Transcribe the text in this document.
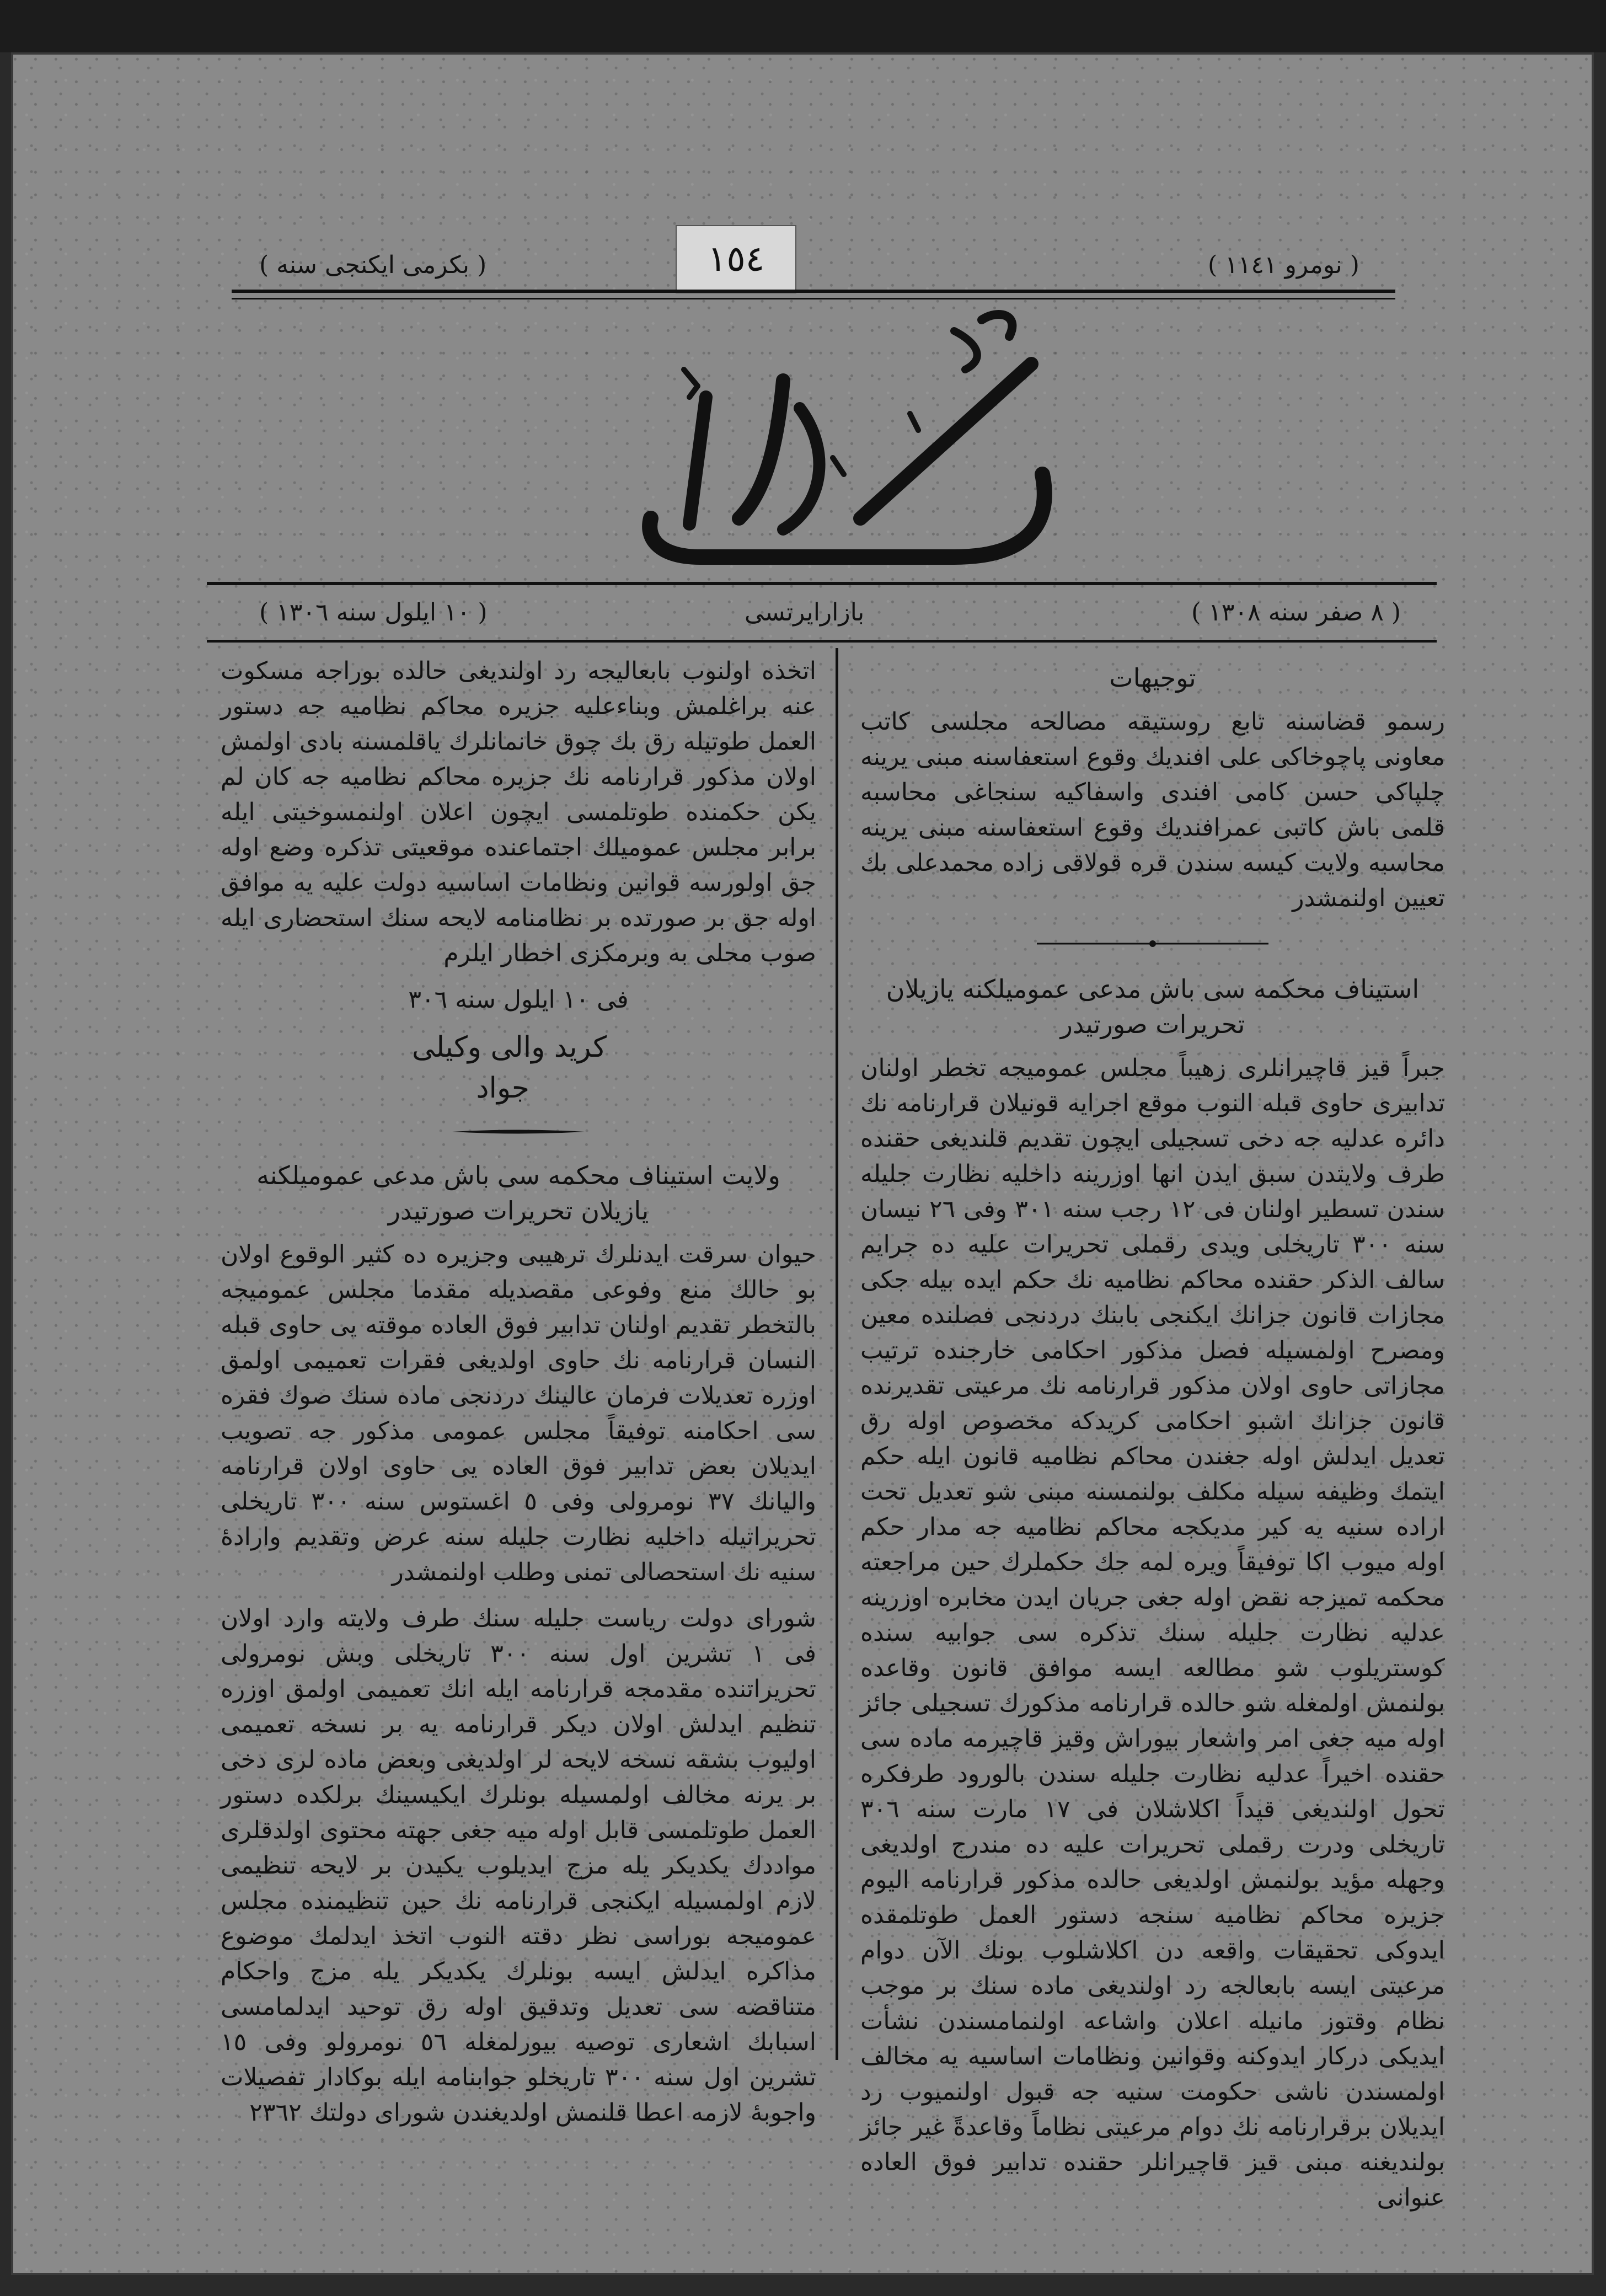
( نومرو ١١٤١ )
( بكرمى ايكنجى سنه )	١٥٤
( ٨ صفر سنه ١٣٠٨ )
بازارايرتسى
( ١٠ ايلول سنه ١٣٠٦ )

توجيهات

رسمو قضاسنه تابع روستيقه مصالحه مجلسى كاتب معاونى پاچوخاكى على افنديك وقوع استعفاسنه مبنى يرينه چلپاكى حسن كامى افندى واسفاكيه سنجاغى محاسبه قلمى باش كاتبى عمرافنديك وقوع استعفاسنه مبنى يرينه محاسبه ولايت كيسه سندن قره قولاقى زاده محمدعلى بك تعيين اولنمشدر

استيناف محكمه سى باش مدعى عموميلكنه يازيلان تحريرات صورتيدر

جبراً قيز قاچيرانلرى زهيباً مجلس عموميجه تخطر اولنان تدابيرى حاوى قبله النوب موقع اجرايه قونيلان قرارنامه نك دائره عدليه جه دخى تسجيلى ايچون تقديم قلنديغى حقنده طرف ولايتدن سبق ايدن انها اوزرينه داخليه نظارت جليله سندن تسطير اولنان فى ١٢ رجب سنه ٣٠١ وفى ٢٦ نيسان سنه ٣٠٠ تاريخلى ويدى رقملى تحريرات عليه ده جرايم سالف الذكر حقنده محاكم نظاميه نك حكم ايده بيله جكى مجازات قانون جزانك ايكنجى بابنك دردنجى فصلنده معين ومصرح اولمسيله فصل مذكور احكامى خارجنده ترتيب مجازاتى حاوى اولان مذكور قرارنامه نك مرعيتى تقديرنده قانون جزانك اشبو احكامى كريدكه مخصوص اوله رق تعديل ايدلش اوله جغندن محاكم نظاميه قانون ايله حكم ايتمك وظيفه سيله مكلف بولنمسنه مبنى شو تعديل تحت اراده سنيه يه كير مديكجه محاكم نظاميه جه مدار حكم اوله ميوب اكا توفيقاً ويره لمه جك حكملرك حين مراجعته محكمه تميزجه نقض اوله جغى جريان ايدن مخابره اوزرينه عدليه نظارت جليله سنك تذكره سى جوابيه سنده كوستريلوب شو مطالعه ايسه موافق قانون وقاعده بولنمش اولمغله شو حالده قرارنامه مذكورك تسجيلى جائز اوله ميه جغى امر واشعار بيوراش وقيز قاچيرمه ماده سى حقنده اخيراً عدليه نظارت جليله سندن بالورود طرفكره تحول اولنديغى قيداً اكلاشلان فى ١٧ مارت سنه ٣٠٦ تاريخلى ودرت رقملى تحريرات عليه ده مندرج اولديغى وجهله مؤيد بولنمش اولديغى حالده مذكور قرارنامه اليوم جزيره محاكم نظاميه سنجه دستور العمل طوتلمقده ايدوكى تحقيقات واقعه دن اكلاشلوب بونك الآن دوام مرعيتى ايسه بابعالجه رد اولنديغى ماده سنك بر موجب نظام وقتوز مانيله اعلان واشاعه اولنمامسندن نشأت ايديكى دركار ايدوكنه وقوانين ونظامات اساسيه يه مخالف اولمسندن ناشى حكومت سنيه جه قبول اولنميوب رد ايديلان برقرارنامه نك دوام مرعيتى نظاماً وقاعدةً غير جائز بولنديغنه مبنى قيز قاچيرانلر حقنده تدابير فوق العاده عنوانى

اتخذه اولنوب بابعاليجه رد اولنديغى حالده بوراجه مسكوت عنه براغلمش وبناءعليه جزيره محاكم نظاميه جه دستور العمل طوتيله رق بك چوق خانمانلرك ياقلمسنه بادى اولمش اولان مذكور قرارنامه نك جزيره محاكم نظاميه جه كان لم يكن حكمنده طوتلمسى ايچون اعلان اولنمسوخيتى ايله برابر مجلس عموميلك اجتماعنده موقعيتى تذكره وضع اوله جق اولورسه قوانين ونظامات اساسيه دولت عليه يه موافق اوله جق بر صورتده بر نظامنامه لايحه سنك استحضارى ايله صوب محلى به وبرمكزى اخطار ايلرم

فى ١٠ ايلول سنه ٣٠٦

كريد والى وكيلى

جواد

ولايت استيناف محكمه سى باش مدعى عموميلكنه يازيلان تحريرات صورتيدر

حيوان سرقت ايدنلرك ترهيبى وجزيره ده كثير الوقوع اولان بو حالك منع وفوعى مقصديله مقدما مجلس عموميجه بالتخطر تقديم اولنان تدابير فوق العاده موقته يى حاوى قبله النسان قرارنامه نك حاوى اولديغى فقرات تعميمى اولمق اوزره تعديلات فرمان عالينك دردنجى ماده سنك صوك فقره سى احكامنه توفيقاً مجلس عمومى مذكور جه تصويب ايديلان بعض تدابير فوق العاده يى حاوى اولان قرارنامه واليانك ٣٧ نومرولى وفى ٥ اغستوس سنه ٣٠٠ تاريخلى تحريراتيله داخليه نظارت جليله سنه عرض وتقديم وارادهٔ سنيه نك استحصالى تمنى وطلب اولنمشدر

شوراى دولت رياست جليله سنك طرف ولايته وارد اولان فى ١ تشرين اول سنه ٣٠٠ تاريخلى وبش نومرولى تحريراتنده مقدمجه قرارنامه ايله انك تعميمى اولمق اوزره تنظيم ايدلش اولان ديكر قرارنامه يه بر نسخه تعميمى اوليوب بشقه نسخه لايحه لر اولديغى وبعض ماده لرى دخى بر يرنه مخالف اولمسيله بونلرك ايكيسينك برلكده دستور العمل طوتلمسى قابل اوله ميه جغى جهته محتوى اولدقلرى مواددك يكديكر يله مزج ايديلوب يكيدن بر لايحه تنظيمى لازم اولمسيله ايكنجى قرارنامه نك حين تنظيمنده مجلس عموميجه بوراسى نظر دقته النوب اتخذ ايدلمك موضوع مذاكره ايدلش ايسه بونلرك يكديكر يله مزج واحكام متناقضه سى تعديل وتدقيق اوله رق توحيد ايدلمامسى اسبابك اشعارى توصيه بيورلمغله ٥٦ نومرولو وفى ١٥ تشرين اول سنه ٣٠٠ تاريخلو جوابنامه ايله بوكادار تفصيلات واجوبهٔ لازمه اعطا قلنمش اولديغندن شوراى دولتك ٢٣٦٢
